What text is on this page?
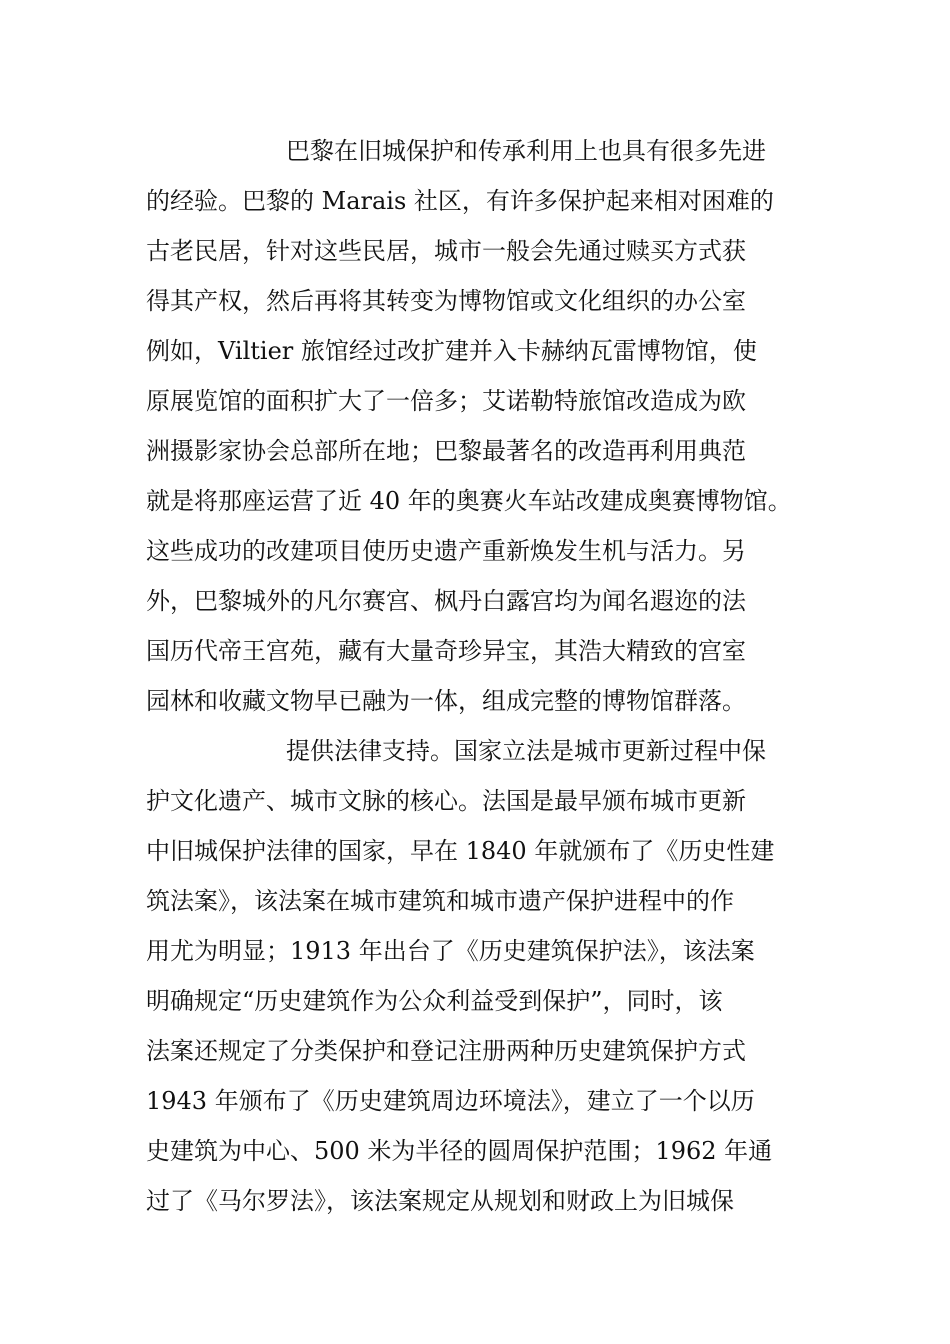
巴黎在旧城保护和传承利用上也具有很多先进
的经验。巴黎的 Marais 社区，有许多保护起来相对困难的
古老民居，针对这些民居，城市一般会先通过赎买方式获
得其产权，然后再将其转变为博物馆或文化组织的办公室
例如，Viltier 旅馆经过改扩建并入卡赫纳瓦雷博物馆，使
原展览馆的面积扩大了一倍多；艾诺勒特旅馆改造成为欧
洲摄影家协会总部所在地；巴黎最著名的改造再利用典范
就是将那座运营了近 40 年的奥赛火车站改建成奥赛博物馆。
这些成功的改建项目使历史遗产重新焕发生机与活力。另
外，巴黎城外的凡尔赛宫、枫丹白露宫均为闻名遐迩的法
国历代帝王宫苑，藏有大量奇珍异宝，其浩大精致的宫室
园林和收藏文物早已融为一体，组成完整的博物馆群落。
提供法律支持。国家立法是城市更新过程中保
护文化遗产、城市文脉的核心。法国是最早颁布城市更新
中旧城保护法律的国家，早在 1840 年就颁布了《历史性建
筑法案》，该法案在城市建筑和城市遗产保护进程中的作
用尤为明显；1913 年出台了《历史建筑保护法》，该法案
明确规定“历史建筑作为公众利益受到保护”，同时，该
法案还规定了分类保护和登记注册两种历史建筑保护方式
1943 年颁布了《历史建筑周边环境法》，建立了一个以历
史建筑为中心、500 米为半径的圆周保护范围；1962 年通
过了《马尔罗法》，该法案规定从规划和财政上为旧城保
